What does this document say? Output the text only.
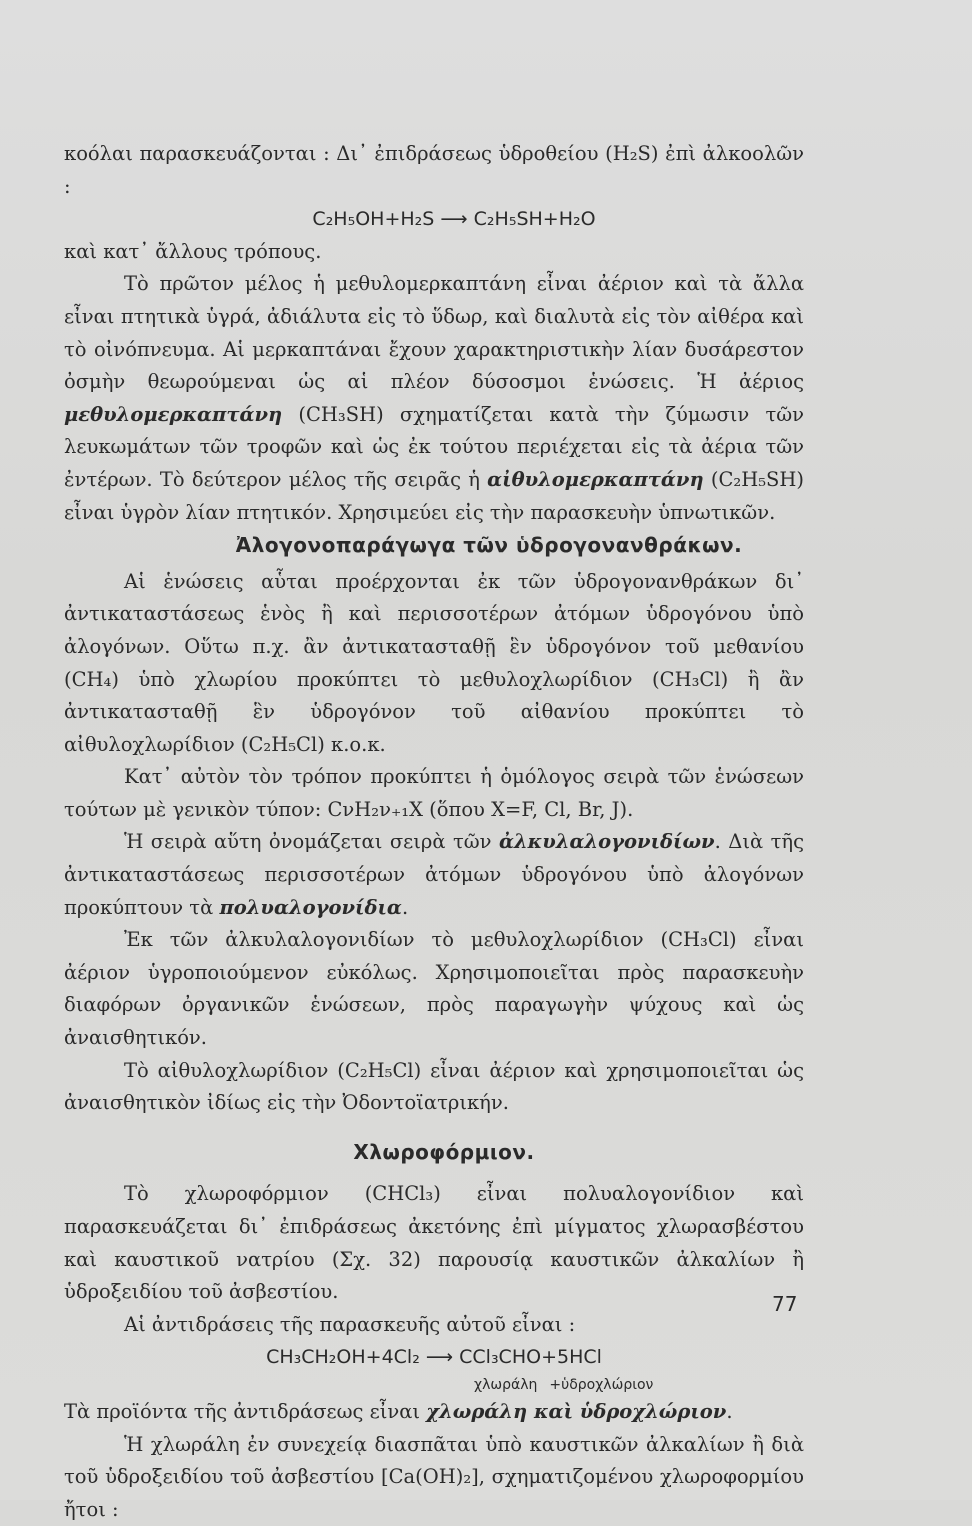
κοόλαι παρασκευάζονται : Δι᾽ ἐπιδράσεως ὑδροθείου (H₂S) ἐπὶ ἀλκοολῶν :

C₂H₅OH+H₂S ⟶ C₂H₅SH+H₂O

καὶ κατ᾽ ἄλλους τρόπους.

Τὸ πρῶτον μέλος ἡ μεθυλομερκαπτάνη εἶναι ἀέριον καὶ τὰ ἄλλα εἶναι πτητικὰ ὑγρά, ἀδιάλυτα εἰς τὸ ὕδωρ, καὶ διαλυτὰ εἰς τὸν αἰθέρα καὶ τὸ οἰνόπνευμα. Αἱ μερκαπτάναι ἔχουν χαρακτηριστικὴν λίαν δυσάρεστον ὀσμὴν θεωρούμεναι ὡς αἱ πλέον δύσοσμοι ἑνώσεις. Ἡ ἀέριος μεθυλομερκαπτάνη (CH₃SH) σχηματίζεται κατὰ τὴν ζύμωσιν τῶν λευκωμάτων τῶν τροφῶν καὶ ὡς ἐκ τούτου περιέχεται εἰς τὰ ἀέρια τῶν ἐντέρων. Τὸ δεύτερον μέλος τῆς σειρᾶς ἡ αἰθυλομερκαπτάνη (C₂H₅SH) εἶναι ὑγρὸν λίαν πτητικόν. Χρησιμεύει εἰς τὴν παρασκευὴν ὑπνωτικῶν.

Ἀλογονοπαράγωγα τῶν ὑδρογονανθράκων.

Αἱ ἑνώσεις αὗται προέρχονται ἐκ τῶν ὑδρογονανθράκων δι᾽ ἀντικαταστάσεως ἑνὸς ἢ καὶ περισσοτέρων ἀτόμων ὑδρογόνου ὑπὸ ἀλογόνων. Οὕτω π.χ. ἂν ἀντικατασταθῇ ἓν ὑδρογόνον τοῦ μεθανίου (CH₄) ὑπὸ χλωρίου προκύπτει τὸ μεθυλοχλωρίδιον (CH₃Cl) ἢ ἂν ἀντικατασταθῇ ἓν ὑδρογόνον τοῦ αἰθανίου προκύπτει τὸ αἰθυλοχλωρίδιον (C₂H₅Cl) κ.ο.κ.

Κατ᾽ αὐτὸν τὸν τρόπον προκύπτει ἡ ὁμόλογος σειρὰ τῶν ἑνώσεων τούτων μὲ γενικὸν τύπον: CνH₂ν₊₁X (ὅπου X=F, Cl, Br, J).

Ἡ σειρὰ αὕτη ὀνομάζεται σειρὰ τῶν ἀλκυλαλογονιδίων. Διὰ τῆς ἀντικαταστάσεως περισσοτέρων ἀτόμων ὑδρογόνου ὑπὸ ἀλογόνων προκύπτουν τὰ πολυαλογονίδια.

Ἐκ τῶν ἀλκυλαλογονιδίων τὸ μεθυλοχλωρίδιον (CH₃Cl) εἶναι ἀέριον ὑγροποιούμενον εὐκόλως. Χρησιμοποιεῖται πρὸς παρασκευὴν διαφόρων ὀργανικῶν ἑνώσεων, πρὸς παραγωγὴν ψύχους καὶ ὡς ἀναισθητικόν.

Τὸ αἰθυλοχλωρίδιον (C₂H₅Cl) εἶναι ἀέριον καὶ χρησιμοποιεῖται ὡς ἀναισθητικὸν ἰδίως εἰς τὴν Ὀδοντοϊατρικήν.

Χλωροφόρμιον.

Τὸ χλωροφόρμιον (CHCl₃) εἶναι πολυαλογονίδιον καὶ παρασκευάζεται δι᾽ ἐπιδράσεως ἀκετόνης ἐπὶ μίγματος χλωρασβέστου καὶ καυστικοῦ νατρίου (Σχ. 32) παρουσίᾳ καυστικῶν ἀλκαλίων ἢ ὑδροξειδίου τοῦ ἀσβεστίου.

Αἱ ἀντιδράσεις τῆς παρασκευῆς αὐτοῦ εἶναι :

CH₃CH₂OH+4Cl₂ ⟶ CCl₃CHO+5HCl

χλωράλη +ὑδροχλώριον

Τὰ προϊόντα τῆς ἀντιδράσεως εἶναι χλωράλη καὶ ὑδροχλώριον.

Ἡ χλωράλη ἐν συνεχείᾳ διασπᾶται ὑπὸ καυστικῶν ἀλκαλίων ἢ διὰ τοῦ ὑδροξειδίου τοῦ ἀσβεστίου [Ca(OH)₂], σχηματιζομένου χλωροφορμίου ἤτοι :

77
